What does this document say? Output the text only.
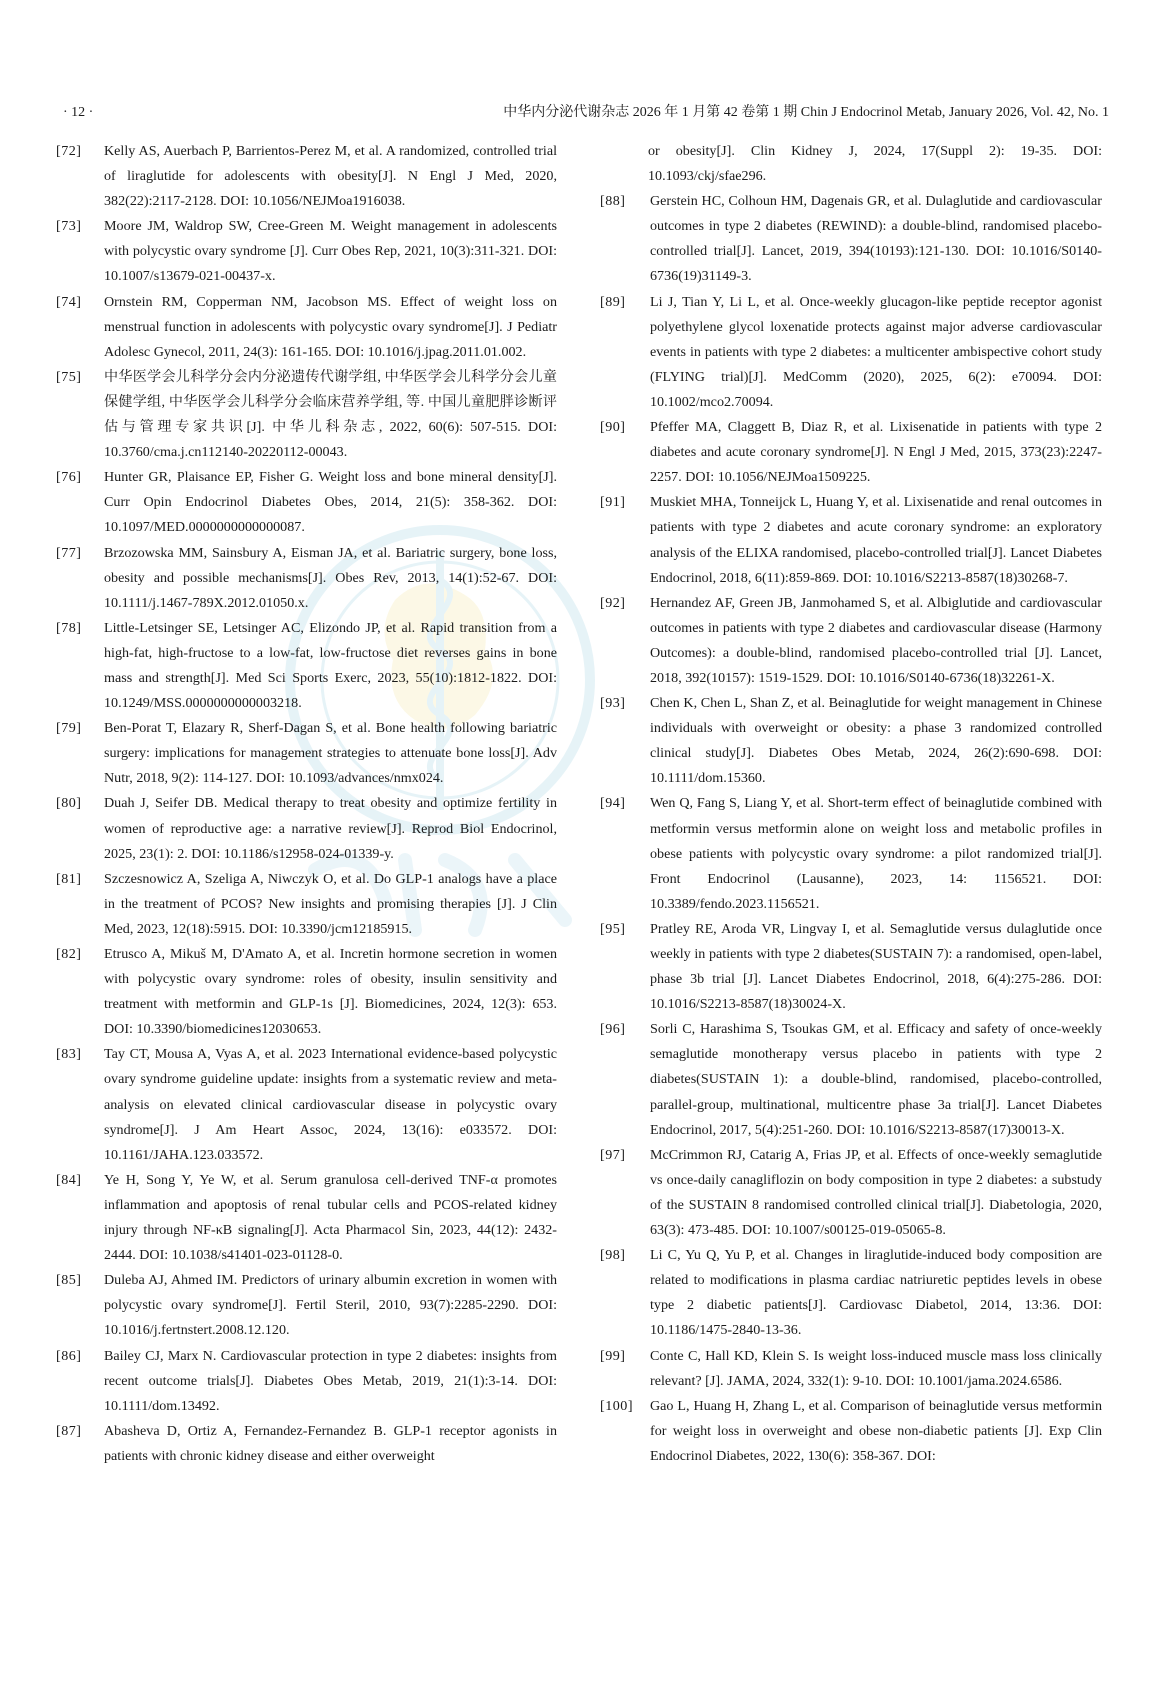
· 12 ·	中华内分泌代谢杂志 2026 年 1 月第 42 卷第 1 期 Chin J Endocrinol Metab, January 2026, Vol. 42, No. 1
[72]	Kelly AS, Auerbach P, Barrientos-Perez M, et al. A randomized, controlled trial of liraglutide for adolescents with obesity[J]. N Engl J Med, 2020, 382(22):2117-2128. DOI: 10.1056/NEJMoa1916038.
[73]	Moore JM, Waldrop SW, Cree-Green M. Weight management in adolescents with polycystic ovary syndrome [J]. Curr Obes Rep, 2021, 10(3):311-321. DOI: 10.1007/s13679-021-00437-x.
[74]	Ornstein RM, Copperman NM, Jacobson MS. Effect of weight loss on menstrual function in adolescents with polycystic ovary syndrome[J]. J Pediatr Adolesc Gynecol, 2011, 24(3): 161-165. DOI: 10.1016/j.jpag.2011.01.002.
[75]	中华医学会儿科学分会内分泌遗传代谢学组, 中华医学会儿科学分会儿童保健学组, 中华医学会儿科学分会临床营养学组, 等. 中国儿童肥胖诊断评估与管理专家共识[J]. 中华儿科杂志, 2022, 60(6): 507-515. DOI: 10.3760/cma.j.cn112140-20220112-00043.
[76]	Hunter GR, Plaisance EP, Fisher G. Weight loss and bone mineral density[J]. Curr Opin Endocrinol Diabetes Obes, 2014, 21(5): 358-362. DOI: 10.1097/MED.0000000000000087.
[77]	Brzozowska MM, Sainsbury A, Eisman JA, et al. Bariatric surgery, bone loss, obesity and possible mechanisms[J]. Obes Rev, 2013, 14(1):52-67. DOI: 10.1111/j.1467-789X.2012.01050.x.
[78]	Little-Letsinger SE, Letsinger AC, Elizondo JP, et al. Rapid transition from a high-fat, high-fructose to a low-fat, low-fructose diet reverses gains in bone mass and strength[J]. Med Sci Sports Exerc, 2023, 55(10):1812-1822. DOI: 10.1249/MSS.0000000000003218.
[79]	Ben-Porat T, Elazary R, Sherf-Dagan S, et al. Bone health following bariatric surgery: implications for management strategies to attenuate bone loss[J]. Adv Nutr, 2018, 9(2): 114-127. DOI: 10.1093/advances/nmx024.
[80]	Duah J, Seifer DB. Medical therapy to treat obesity and optimize fertility in women of reproductive age: a narrative review[J]. Reprod Biol Endocrinol, 2025, 23(1): 2. DOI: 10.1186/s12958-024-01339-y.
[81]	Szczesnowicz A, Szeliga A, Niwczyk O, et al. Do GLP-1 analogs have a place in the treatment of PCOS? New insights and promising therapies [J]. J Clin Med, 2023, 12(18):5915. DOI: 10.3390/jcm12185915.
[82]	Etrusco A, Mikuš M, D'Amato A, et al. Incretin hormone secretion in women with polycystic ovary syndrome: roles of obesity, insulin sensitivity and treatment with metformin and GLP-1s [J]. Biomedicines, 2024, 12(3): 653. DOI: 10.3390/biomedicines12030653.
[83]	Tay CT, Mousa A, Vyas A, et al. 2023 International evidence-based polycystic ovary syndrome guideline update: insights from a systematic review and meta-analysis on elevated clinical cardiovascular disease in polycystic ovary syndrome[J]. J Am Heart Assoc, 2024, 13(16): e033572. DOI: 10.1161/JAHA.123.033572.
[84]	Ye H, Song Y, Ye W, et al. Serum granulosa cell-derived TNF-α promotes inflammation and apoptosis of renal tubular cells and PCOS-related kidney injury through NF-κB signaling[J]. Acta Pharmacol Sin, 2023, 44(12): 2432-2444. DOI: 10.1038/s41401-023-01128-0.
[85]	Duleba AJ, Ahmed IM. Predictors of urinary albumin excretion in women with polycystic ovary syndrome[J]. Fertil Steril, 2010, 93(7):2285-2290. DOI: 10.1016/j.fertnstert.2008.12.120.
[86]	Bailey CJ, Marx N. Cardiovascular protection in type 2 diabetes: insights from recent outcome trials[J]. Diabetes Obes Metab, 2019, 21(1):3-14. DOI: 10.1111/dom.13492.
[87]	Abasheva D, Ortiz A, Fernandez-Fernandez B. GLP-1 receptor agonists in patients with chronic kidney disease and either overweight
or obesity[J]. Clin Kidney J, 2024, 17(Suppl 2): 19-35. DOI: 10.1093/ckj/sfae296.
[88]	Gerstein HC, Colhoun HM, Dagenais GR, et al. Dulaglutide and cardiovascular outcomes in type 2 diabetes (REWIND): a double-blind, randomised placebo-controlled trial[J]. Lancet, 2019, 394(10193):121-130. DOI: 10.1016/S0140-6736(19)31149-3.
[89]	Li J, Tian Y, Li L, et al. Once-weekly glucagon-like peptide receptor agonist polyethylene glycol loxenatide protects against major adverse cardiovascular events in patients with type 2 diabetes: a multicenter ambispective cohort study (FLYING trial)[J]. MedComm (2020), 2025, 6(2): e70094. DOI: 10.1002/mco2.70094.
[90]	Pfeffer MA, Claggett B, Diaz R, et al. Lixisenatide in patients with type 2 diabetes and acute coronary syndrome[J]. N Engl J Med, 2015, 373(23):2247-2257. DOI: 10.1056/NEJMoa1509225.
[91]	Muskiet MHA, Tonneijck L, Huang Y, et al. Lixisenatide and renal outcomes in patients with type 2 diabetes and acute coronary syndrome: an exploratory analysis of the ELIXA randomised, placebo-controlled trial[J]. Lancet Diabetes Endocrinol, 2018, 6(11):859-869. DOI: 10.1016/S2213-8587(18)30268-7.
[92]	Hernandez AF, Green JB, Janmohamed S, et al. Albiglutide and cardiovascular outcomes in patients with type 2 diabetes and cardiovascular disease (Harmony Outcomes): a double-blind, randomised placebo-controlled trial [J]. Lancet, 2018, 392(10157): 1519-1529. DOI: 10.1016/S0140-6736(18)32261-X.
[93]	Chen K, Chen L, Shan Z, et al. Beinaglutide for weight management in Chinese individuals with overweight or obesity: a phase 3 randomized controlled clinical study[J]. Diabetes Obes Metab, 2024, 26(2):690-698. DOI: 10.1111/dom.15360.
[94]	Wen Q, Fang S, Liang Y, et al. Short-term effect of beinaglutide combined with metformin versus metformin alone on weight loss and metabolic profiles in obese patients with polycystic ovary syndrome: a pilot randomized trial[J]. Front Endocrinol (Lausanne), 2023, 14: 1156521. DOI: 10.3389/fendo.2023.1156521.
[95]	Pratley RE, Aroda VR, Lingvay I, et al. Semaglutide versus dulaglutide once weekly in patients with type 2 diabetes(SUSTAIN 7): a randomised, open-label, phase 3b trial [J]. Lancet Diabetes Endocrinol, 2018, 6(4):275-286. DOI: 10.1016/S2213-8587(18)30024-X.
[96]	Sorli C, Harashima S, Tsoukas GM, et al. Efficacy and safety of once-weekly semaglutide monotherapy versus placebo in patients with type 2 diabetes(SUSTAIN 1): a double-blind, randomised, placebo-controlled, parallel-group, multinational, multicentre phase 3a trial[J]. Lancet Diabetes Endocrinol, 2017, 5(4):251-260. DOI: 10.1016/S2213-8587(17)30013-X.
[97]	McCrimmon RJ, Catarig A, Frias JP, et al. Effects of once-weekly semaglutide vs once-daily canagliflozin on body composition in type 2 diabetes: a substudy of the SUSTAIN 8 randomised controlled clinical trial[J]. Diabetologia, 2020, 63(3): 473-485. DOI: 10.1007/s00125-019-05065-8.
[98]	Li C, Yu Q, Yu P, et al. Changes in liraglutide-induced body composition are related to modifications in plasma cardiac natriuretic peptides levels in obese type 2 diabetic patients[J]. Cardiovasc Diabetol, 2014, 13:36. DOI: 10.1186/1475-2840-13-36.
[99]	Conte C, Hall KD, Klein S. Is weight loss-induced muscle mass loss clinically relevant? [J]. JAMA, 2024, 332(1): 9-10. DOI: 10.1001/jama.2024.6586.
[100]	Gao L, Huang H, Zhang L, et al. Comparison of beinaglutide versus metformin for weight loss in overweight and obese non-diabetic patients [J]. Exp Clin Endocrinol Diabetes, 2022, 130(6): 358-367. DOI:
